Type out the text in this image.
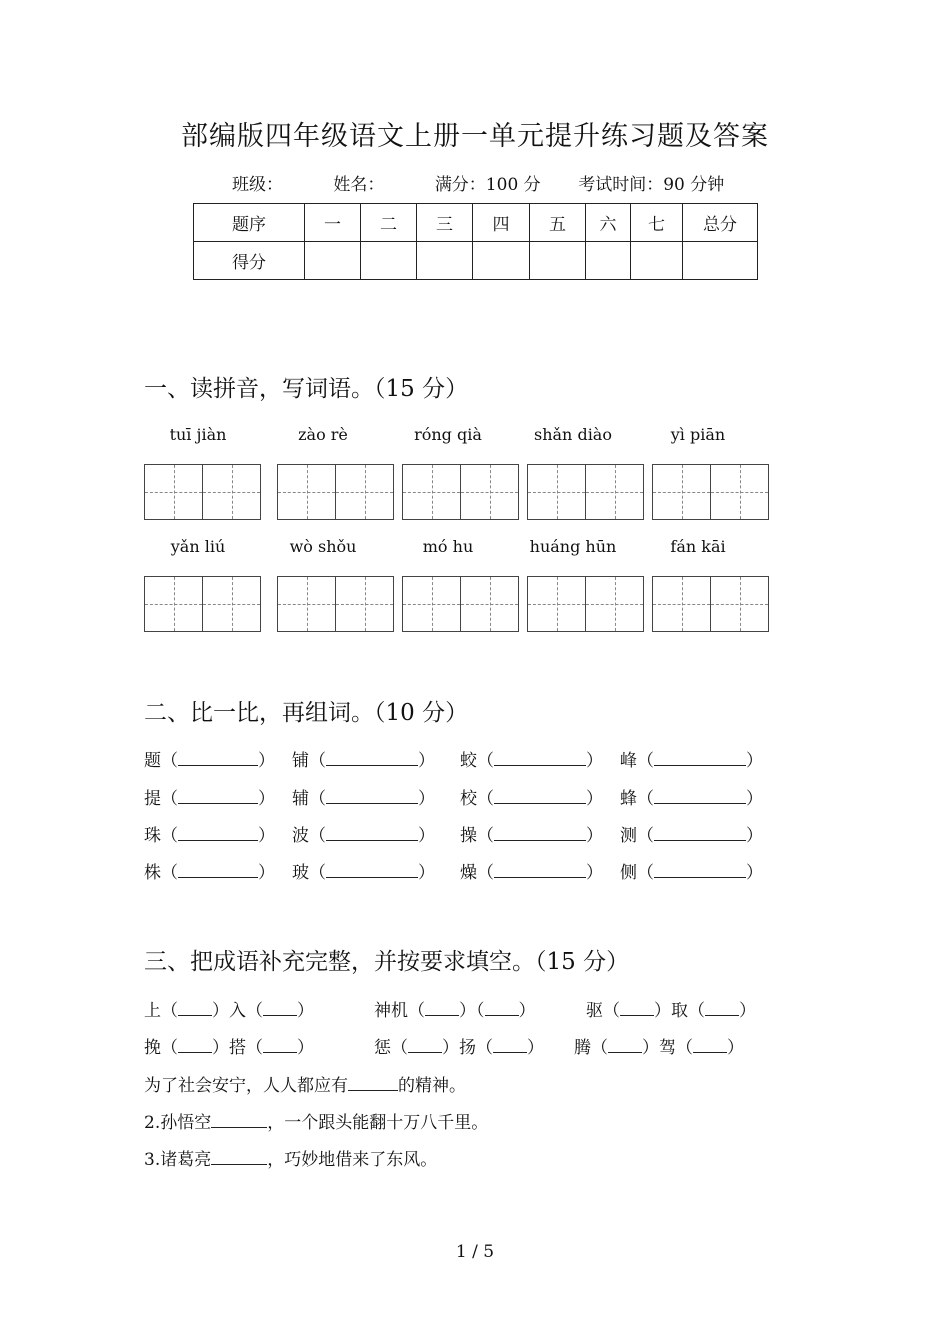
部编版四年级语文上册一单元提升练习题及答案
班级：	姓名：	满分：100 分 考试时间：90 分钟
题序	一	二	三	四	五	六	七	总分
得分								
一、读拼音，写词语。（15 分）
tuī jiàn	zào rè	róng qià	shǎn diào	yì piān
yǎn liú	wò shǒu	mó hu	huáng hūn	fán kāi
二、比一比，再组词。（10 分）
题（	） 铺（	） 蛟（	） 峰（	）
提（	） 辅（	） 校（	） 蜂（	）
珠（	） 波（	） 操（	） 测（	）
株（	） 玻（	） 燥（	） 侧（	）
三、把成语补充完整，并按要求填空。（15 分）
上（ ）入（ ）	神机（ ）（ ）	驱（ ）取（ ）
挽（ ）搭（ ）	惩（ ）扬（ ） 腾（ ）驾（ ）
为了社会安宁，人人都应有	的精神。
2.孙悟空	，一个跟头能翻十万八千里。
3.诸葛亮	，巧妙地借来了东风。
1 / 5
